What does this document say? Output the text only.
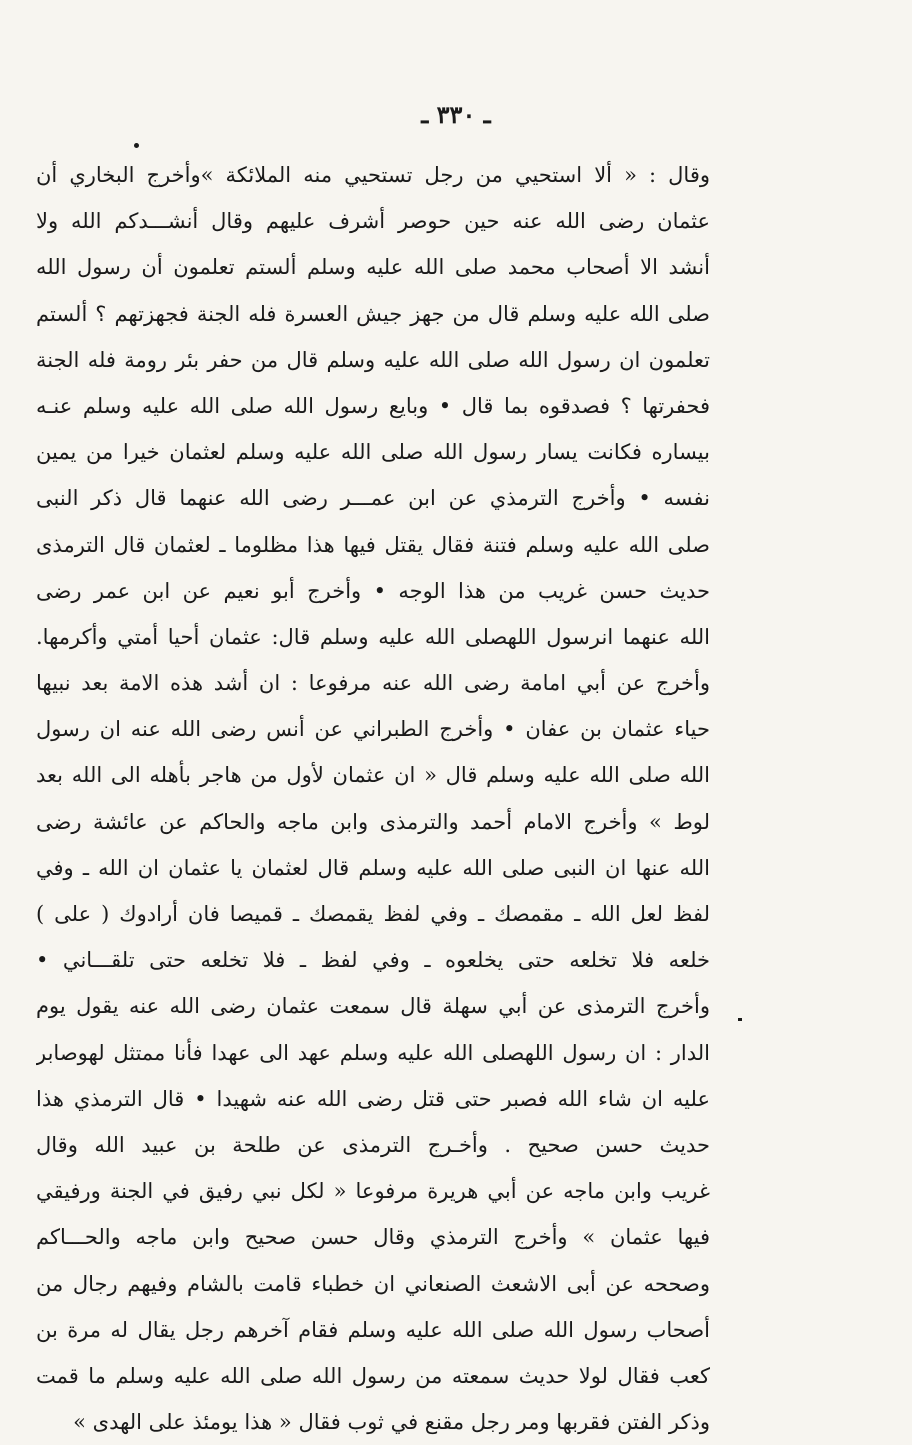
ـ ٣٣٠ ـ
وقال : « ألا استحيي من رجل تستحيي منه الملائكة »وأخرج البخاري أن
عثمان رضى الله عنه حين حوصر أشرف عليهم وقال أنشـــدكم الله ولا
أنشد الا أصحاب محمد صلى الله عليه وسلم ألستم تعلمون أن رسول الله
صلى الله عليه وسلم قال من جهز جيش العسرة فله الجنة فجهزتهم ؟ ألستم
تعلمون ان رسول الله صلى الله عليه وسلم قال من حفر بئر رومة فله الجنة
فحفرتها ؟ فصدقوه بما قال • وبايع رسول الله صلى الله عليه وسلم عنـه
بيساره فكانت يسار رسول الله صلى الله عليه وسلم لعثمان خيرا من يمين
نفسه • وأخرج الترمذي عن ابن عمـــر رضى الله عنهما قال ذكر النبى
صلى الله عليه وسلم فتنة فقال يقتل فيها هذا مظلوما ـ لعثمان قال الترمذى
حديث حسن غريب من هذا الوجه • وأخرج أبو نعيم عن ابن عمر رضى
الله عنهما انرسول اللهصلى الله عليه وسلم قال: عثمان أحيا أمتي وأكرمها.
وأخرج عن أبي امامة رضى الله عنه مرفوعا : ان أشد هذه الامة بعد نبيها
حياء عثمان بن عفان • وأخرج الطبراني عن أنس رضى الله عنه ان رسول
الله صلى الله عليه وسلم قال « ان عثمان لأول من هاجر بأهله الى الله بعد
لوط » وأخرج الامام أحمد والترمذى وابن ماجه والحاكم عن عائشة رضى
الله عنها ان النبى صلى الله عليه وسلم قال لعثمان يا عثمان ان الله ـ وفي
لفظ لعل الله ـ مقمصك ـ وفي لفظ يقمصك ـ قميصا فان أرادوك ( على )
خلعه فلا تخلعه حتى يخلعوه ـ وفي لفظ ـ فلا تخلعه حتى تلقـــاني •
وأخرج الترمذى عن أبي سهلة قال سمعت عثمان رضى الله عنه يقول يوم
الدار : ان رسول اللهصلى الله عليه وسلم عهد الى عهدا فأنا ممتثل لهوصابر
عليه ان شاء الله فصبر حتى قتل رضى الله عنه شهيدا • قال الترمذي هذا
حديث حسن صحيح . وأخـرج الترمذى عن طلحة بن عبيد الله وقال
غريب وابن ماجه عن أبي هريرة مرفوعا « لكل نبي رفيق في الجنة ورفيقي
فيها عثمان » وأخرج الترمذي وقال حسن صحيح وابن ماجه والحـــاكم
وصححه عن أبى الاشعث الصنعاني ان خطباء قامت بالشام وفيهم رجال من
أصحاب رسول الله صلى الله عليه وسلم فقام آخرهم رجل يقال له مرة بن
كعب فقال لولا حديث سمعته من رسول الله صلى الله عليه وسلم ما قمت
وذكر الفتن فقربها ومر رجل مقنع في ثوب فقال « هذا يومئذ على الهدى »
